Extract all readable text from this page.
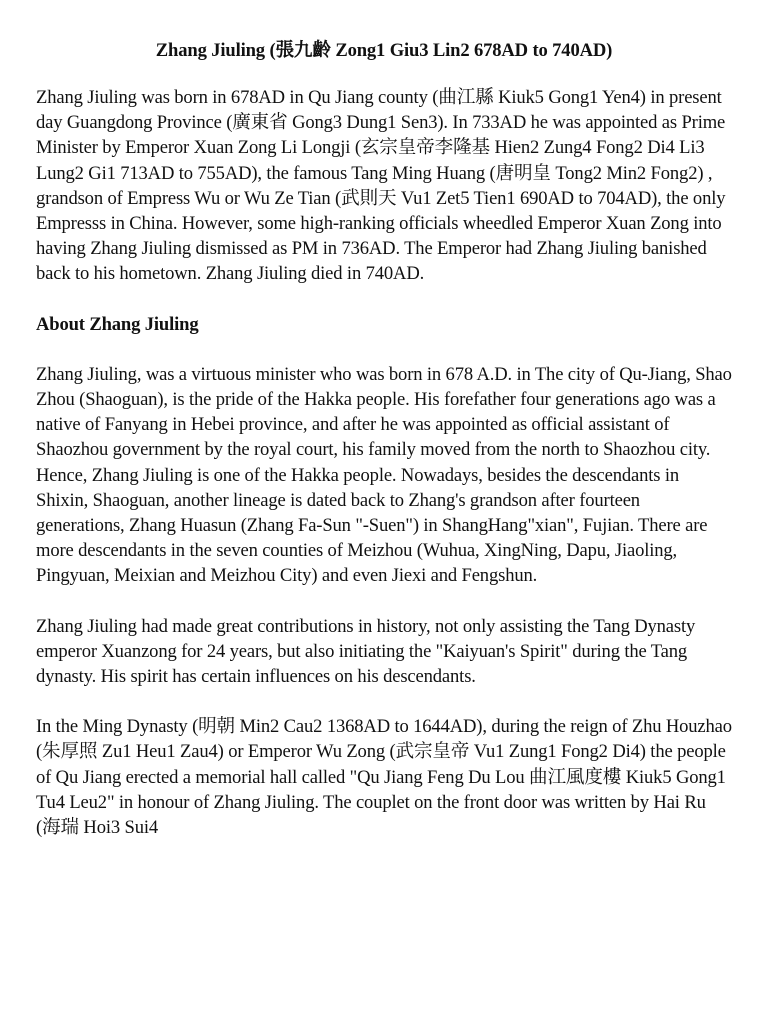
Zhang Jiuling (張九齡 Zong1 Giu3 Lin2 678AD to 740AD)
Zhang Jiuling was born in 678AD in Qu Jiang county (曲江縣 Kiuk5 Gong1 Yen4) in present day Guangdong Province (廣東省 Gong3 Dung1 Sen3). In 733AD he was appointed as Prime Minister by Emperor Xuan Zong Li Longji (玄宗皇帝李隆基 Hien2 Zung4 Fong2 Di4 Li3 Lung2 Gi1 713AD to 755AD), the famous Tang Ming Huang (唐明皇 Tong2 Min2 Fong2) , grandson of Empress Wu or Wu Ze Tian (武則天 Vu1 Zet5 Tien1 690AD to 704AD), the only Empresss in China. However, some high-ranking officials wheedled Emperor Xuan Zong into having Zhang Jiuling dismissed as PM in 736AD. The Emperor had Zhang Jiuling banished back to his hometown. Zhang Jiuling died in 740AD.
About Zhang Jiuling
Zhang Jiuling, was a virtuous minister who was born in 678 A.D. in The city of Qu-Jiang, Shao Zhou (Shaoguan), is the pride of the Hakka people. His forefather four generations ago was a native of Fanyang in Hebei province, and after he was appointed as official assistant of Shaozhou government by the royal court, his family moved from the north to Shaozhou city. Hence, Zhang Jiuling is one of the Hakka people. Nowadays, besides the descendants in Shixin, Shaoguan, another lineage is dated back to Zhang's grandson after fourteen generations, Zhang Huasun (Zhang Fa-Sun "-Suen") in ShangHang"xian", Fujian. There are more descendants in the seven counties of Meizhou (Wuhua, XingNing, Dapu, Jiaoling, Pingyuan, Meixian and Meizhou City) and even Jiexi and Fengshun.
Zhang Jiuling had made great contributions in history, not only assisting the Tang Dynasty emperor Xuanzong for 24 years, but also initiating the "Kaiyuan's Spirit" during the Tang dynasty. His spirit has certain influences on his descendants.
In the Ming Dynasty (明朝 Min2 Cau2 1368AD to 1644AD), during the reign of Zhu Houzhao (朱厚照 Zu1 Heu1 Zau4) or Emperor Wu Zong (武宗皇帝 Vu1 Zung1 Fong2 Di4) the people of Qu Jiang erected a memorial hall called "Qu Jiang Feng Du Lou 曲江風度樓 Kiuk5 Gong1 Tu4 Leu2" in honour of Zhang Jiuling. The couplet on the front door was written by Hai Ru (海瑞 Hoi3 Sui4
